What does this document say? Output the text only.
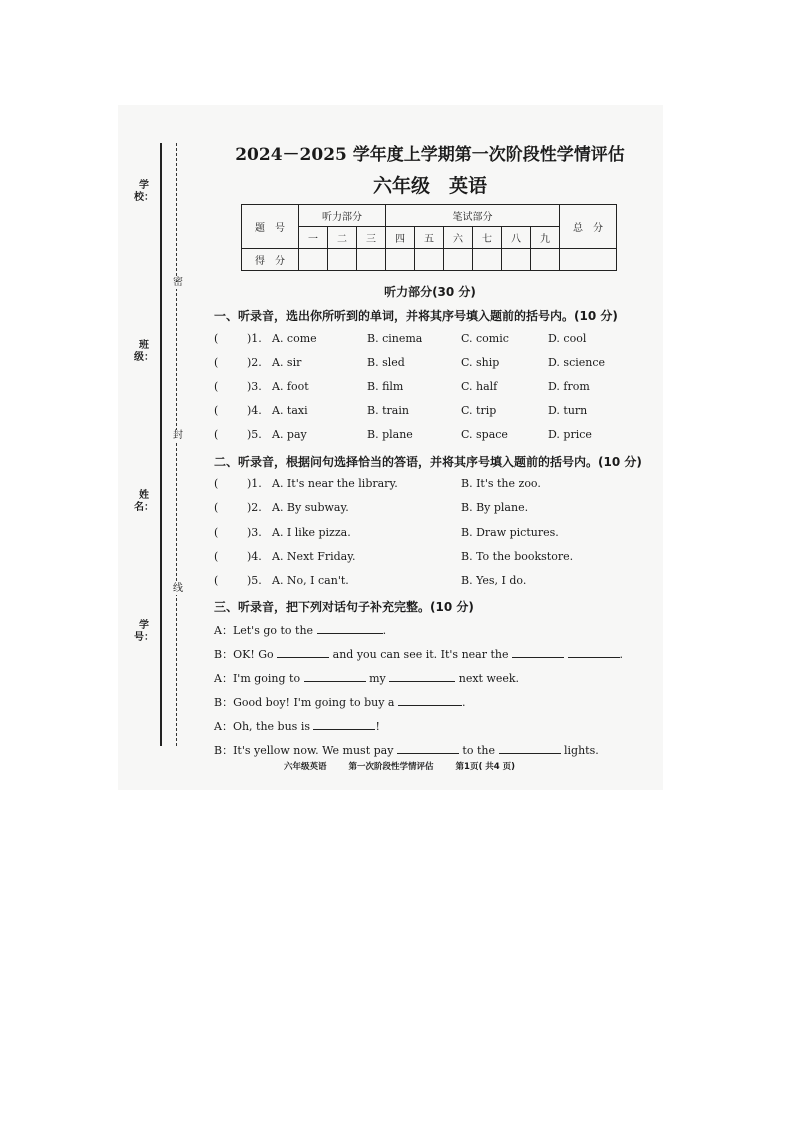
学校：
班级：
姓名：
学号：
密
封
线
2024－2025 学年度上学期第一次阶段性学情评估
六年级　英语
题　号	听力部分			笔试部分						总　分
	一	二	三	四	五	六	七	八	九	
得　分										
听力部分(30 分)
一、听录音，选出你所听到的单词，并将其序号填入题前的括号内。(10 分)
(	)1. A. come	B. cinema	C. comic	D. cool
(	)2. A. sir	B. sled	C. ship	D. science
(	)3. A. foot	B. film	C. half	D. from
(	)4. A. taxi	B. train	C. trip	D. turn
(	)5. A. pay	B. plane	C. space	D. price
二、听录音，根据问句选择恰当的答语，并将其序号填入题前的括号内。(10 分)
(	)1. A. It's near the library.	B. It's the zoo.
(	)2. A. By subway.	B. By plane.
(	)3. A. I like pizza.	B. Draw pictures.
(	)4. A. Next Friday.	B. To the bookstore.
(	)5. A. No, I can't.	B. Yes, I do.
三、听录音，把下列对话句子补充完整。(10 分)
A：Let's go to the	.
B：OK! Go	and you can see it. It's near the	.
A：I'm going to	my	next week.
B：Good boy! I'm going to buy a	.
A：Oh, the bus is	!
B：It's yellow now. We must pay	to the	lights.
六年级英语	第一次阶段性学情评估	第1页( 共4 页)
